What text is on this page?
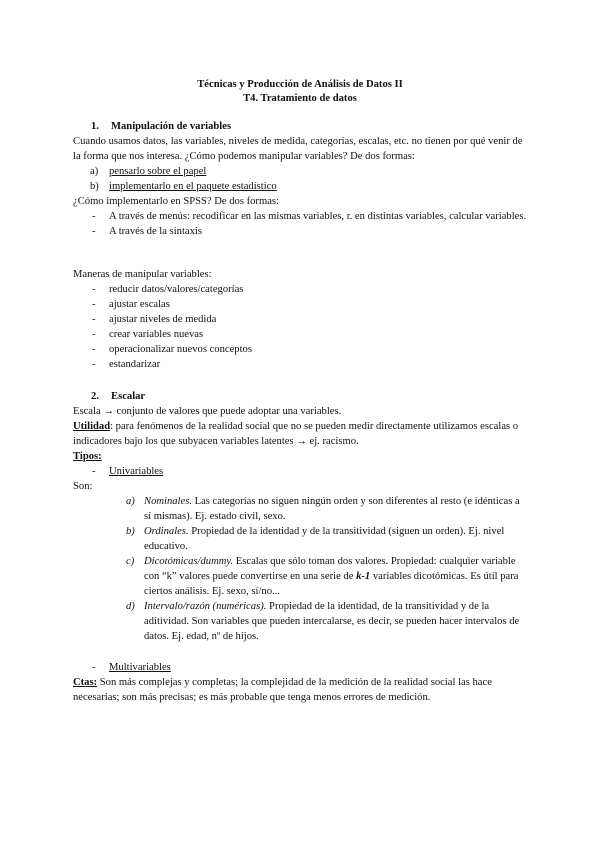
Técnicas y Producción de Análisis de Datos II
T4. Tratamiento de datos
1. Manipulación de variables

Cuando usamos datos, las variables, niveles de medida, categorías, escalas, etc. no tienen por qué venir de la forma que nos interesa. ¿Cómo podemos manipular variables? De dos formas:

a) pensarlo sobre el papel
b) implementarlo en el paquete estadístico

¿Cómo implementarlo en SPSS? De dos formas:

- A través de menús: recodificar en las mismas variables, r. en distintas variables, calcular variables.
- A través de la sintaxis

Maneras de manipular variables:

- reducir datos/valores/categorías
- ajustar escalas
- ajustar niveles de medida
- crear variables nuevas
- operacionalizar nuevos conceptos
- estandarizar
2. Escalar

Escala → conjunto de valores que puede adoptar una variables.

Utilidad: para fenómenos de la realidad social que no se pueden medir directamente utilizamos escalas o indicadores bajo los que subyacen variables latentes → ej. racismo.

Tipos:

- Univariables

Son:

a) Nominales. Las categorías no siguen ningún orden y son diferentes al resto (e idénticas a sí mismas). Ej. estado civil, sexo.
b) Ordinales. Propiedad de la identidad y de la transitividad (siguen un orden). Ej. nivel educativo.
c) Dicotómicas/dummy. Escalas que sólo toman dos valores. Propiedad: cualquier variable con “k” valores puede convertirse en una serie de k-1 variables dicotómicas. Es útil para ciertos análisis. Ej. sexo, sí/no...
d) Intervalo/razón (numéricas). Propiedad de la identidad, de la transitividad y de la aditividad. Son variables que pueden intercalarse, es decir, se pueden hacer intervalos de datos. Ej. edad, nº de hijos.
- Multivariables

Ctas: Son más complejas y completas; la complejidad de la medición de la realidad social las hace necesarias; son más precisas; es más probable que tenga menos errores de medición.
